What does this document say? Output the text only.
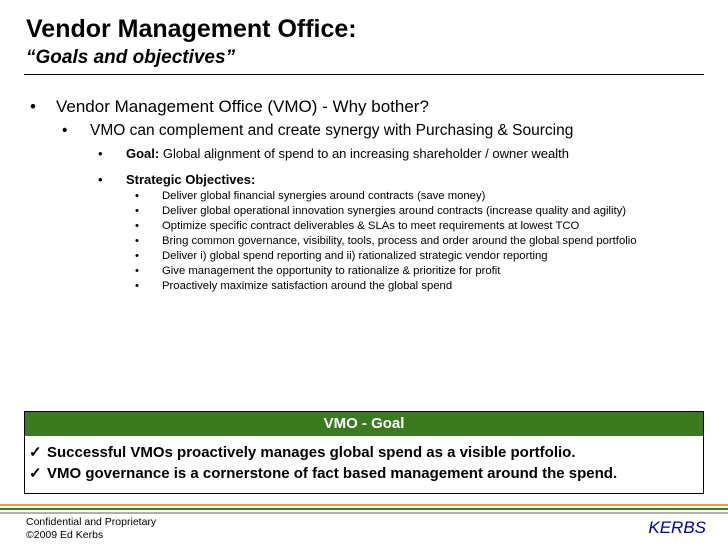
Vendor Management Office:
“Goals and objectives”
• Vendor Management Office (VMO) - Why bother?
• VMO can complement and create synergy with Purchasing & Sourcing
• Goal: Global alignment of spend to an increasing shareholder / owner wealth
• Strategic Objectives:
• Deliver global financial synergies around contracts (save money)
• Deliver global operational innovation synergies around contracts (increase quality and agility)
• Optimize specific contract deliverables & SLAs to meet requirements at lowest TCO
• Bring common governance, visibility, tools, process and order around the global spend portfolio
• Deliver i) global spend reporting and ii) rationalized strategic vendor reporting
• Give management the opportunity to rationalize & prioritize for profit
• Proactively maximize satisfaction around the global spend
VMO - Goal
✓ Successful VMOs proactively manages global spend as a visible portfolio.
✓ VMO governance is a cornerstone of fact based management around the spend.
Confidential and Proprietary
©2009 Ed Kerbs	KERBS
